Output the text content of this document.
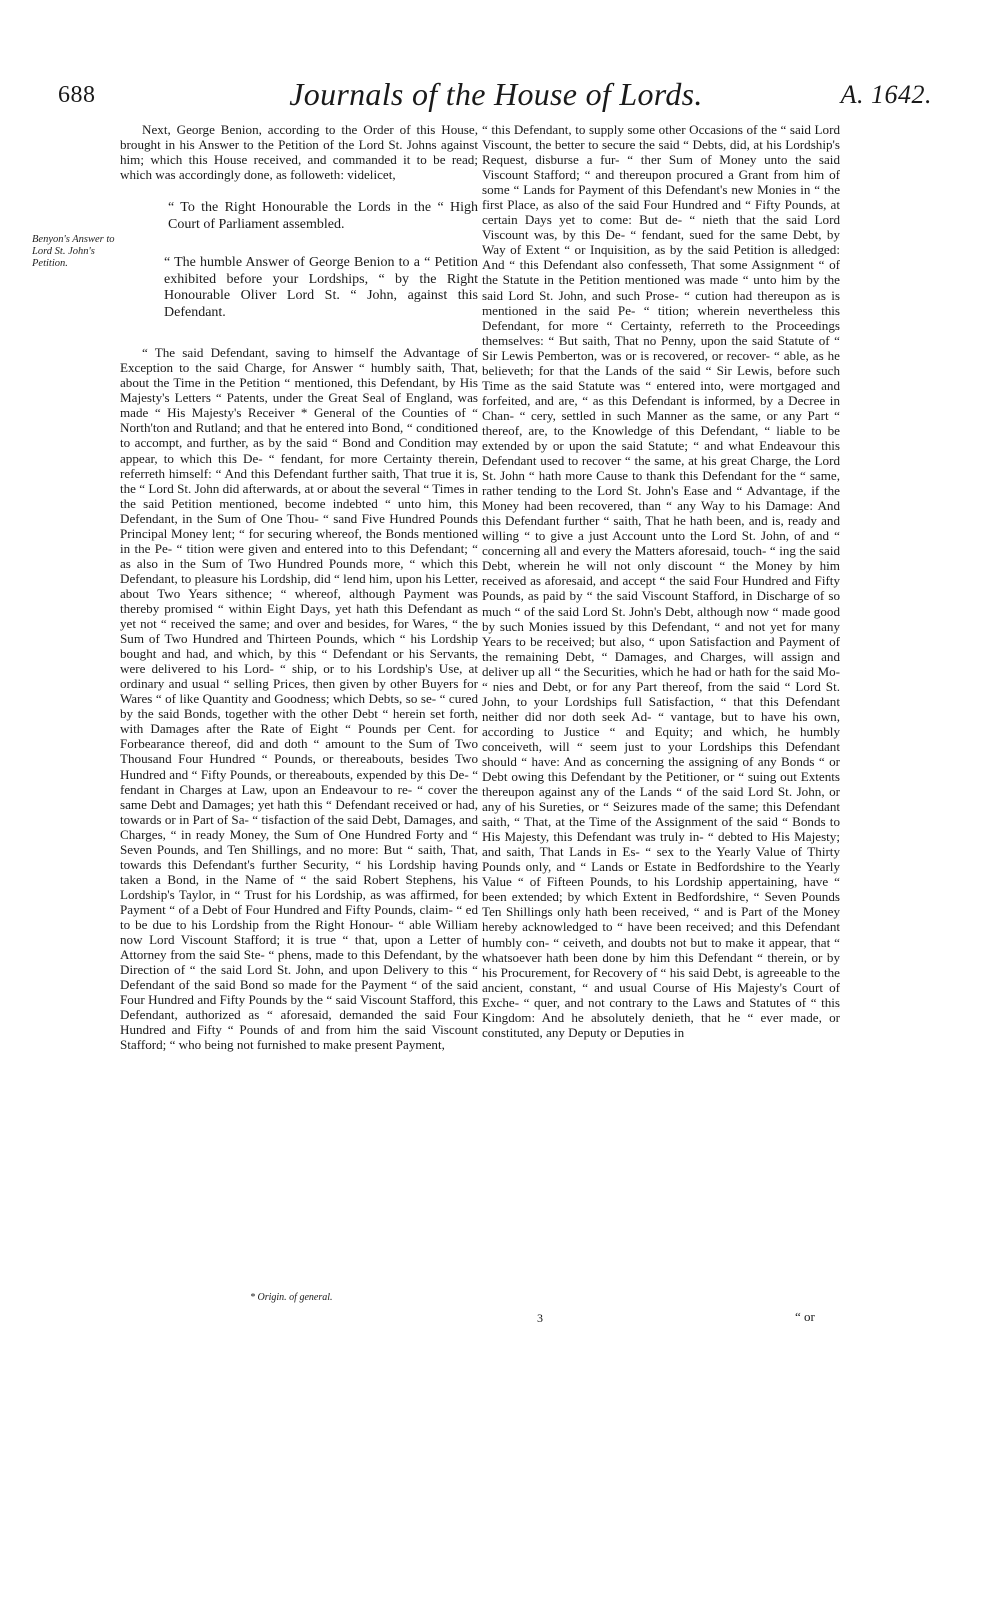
688	Journals of the House of Lords.	A. 1642.
Benyon's Answer to Lord St. John's Petition.

Next, George Benion, according to the Order of this House, brought in his Answer to the Petition of the Lord St. Johns against him; which this House received, and commanded it to be read; which was accordingly done, as followeth: videlicet,

“ To the Right Honourable the Lords in the “ High Court of Parliament assembled.

“ The humble Answer of George Benion to a “ Petition exhibited before your Lordships, “ by the Right Honourable Oliver Lord St. “ John, against this Defendant.

“ The said Defendant, saving to himself the Advantage of Exception to the said Charge, for Answer “ humbly saith, That, about the Time in the Petition “ mentioned, this Defendant, by His Majesty's Letters “ Patents, under the Great Seal of England, was made “ His Majesty's Receiver * General of the Counties of “ North'ton and Rutland; and that he entered into Bond, “ conditioned to accompt, and further, as by the said “ Bond and Condition may appear, to which this De- “ fendant, for more Certainty therein, referreth himself: “ And this Defendant further saith, That true it is, the “ Lord St. John did afterwards, at or about the several “ Times in the said Petition mentioned, become indebted “ unto him, this Defendant, in the Sum of One Thou- “ sand Five Hundred Pounds Principal Money lent; “ for securing whereof, the Bonds mentioned in the Pe- “ tition were given and entered into to this Defendant; “ as also in the Sum of Two Hundred Pounds more, “ which this Defendant, to pleasure his Lordship, did “ lend him, upon his Letter, about Two Years sithence; “ whereof, although Payment was thereby promised “ within Eight Days, yet hath this Defendant as yet not “ received the same; and over and besides, for Wares, “ the Sum of Two Hundred and Thirteen Pounds, which “ his Lordship bought and had, and which, by this “ Defendant or his Servants, were delivered to his Lord- “ ship, or to his Lordship's Use, at ordinary and usual “ selling Prices, then given by other Buyers for Wares “ of like Quantity and Goodness; which Debts, so se- “ cured by the said Bonds, together with the other Debt “ herein set forth, with Damages after the Rate of Eight “ Pounds per Cent. for Forbearance thereof, did and doth “ amount to the Sum of Two Thousand Four Hundred “ Pounds, or thereabouts, besides Two Hundred and “ Fifty Pounds, or thereabouts, expended by this De- “ fendant in Charges at Law, upon an Endeavour to re- “ cover the same Debt and Damages; yet hath this “ Defendant received or had, towards or in Part of Sa- “ tisfaction of the said Debt, Damages, and Charges, “ in ready Money, the Sum of One Hundred Forty and “ Seven Pounds, and Ten Shillings, and no more: But “ saith, That, towards this Defendant's further Security, “ his Lordship having taken a Bond, in the Name of “ the said Robert Stephens, his Lordship's Taylor, in “ Trust for his Lordship, as was affirmed, for Payment “ of a Debt of Four Hundred and Fifty Pounds, claim- “ ed to be due to his Lordship from the Right Honour- “ able William now Lord Viscount Stafford; it is true “ that, upon a Letter of Attorney from the said Ste- “ phens, made to this Defendant, by the Direction of “ the said Lord St. John, and upon Delivery to this “ Defendant of the said Bond so made for the Payment “ of the said Four Hundred and Fifty Pounds by the “ said Viscount Stafford, this Defendant, authorized as “ aforesaid, demanded the said Four Hundred and Fifty “ Pounds of and from him the said Viscount Stafford; “ who being not furnished to make present Payment,

“ this Defendant, to supply some other Occasions of the “ said Lord Viscount, the better to secure the said “ Debts, did, at his Lordship's Request, disburse a fur- “ ther Sum of Money unto the said Viscount Stafford; “ and thereupon procured a Grant from him of some “ Lands for Payment of this Defendant's new Monies in “ the first Place, as also of the said Four Hundred and “ Fifty Pounds, at certain Days yet to come: But de- “ nieth that the said Lord Viscount was, by this De- “ fendant, sued for the same Debt, by Way of Extent “ or Inquisition, as by the said Petition is alledged: And “ this Defendant also confesseth, That some Assignment “ of the Statute in the Petition mentioned was made “ unto him by the said Lord St. John, and such Prose- “ cution had thereupon as is mentioned in the said Pe- “ tition; wherein nevertheless this Defendant, for more “ Certainty, referreth to the Proceedings themselves: “ But saith, That no Penny, upon the said Statute of “ Sir Lewis Pemberton, was or is recovered, or recover- “ able, as he believeth; for that the Lands of the said “ Sir Lewis, before such Time as the said Statute was “ entered into, were mortgaged and forfeited, and are, “ as this Defendant is informed, by a Decree in Chan- “ cery, settled in such Manner as the same, or any Part “ thereof, are, to the Knowledge of this Defendant, “ liable to be extended by or upon the said Statute; “ and what Endeavour this Defendant used to recover “ the same, at his great Charge, the Lord St. John “ hath more Cause to thank this Defendant for the “ same, rather tending to the Lord St. John's Ease and “ Advantage, if the Money had been recovered, than “ any Way to his Damage: And this Defendant further “ saith, That he hath been, and is, ready and willing “ to give a just Account unto the Lord St. John, of and “ concerning all and every the Matters aforesaid, touch- “ ing the said Debt, wherein he will not only discount “ the Money by him received as aforesaid, and accept “ the said Four Hundred and Fifty Pounds, as paid by “ the said Viscount Stafford, in Discharge of so much “ of the said Lord St. John's Debt, although now “ made good by such Monies issued by this Defendant, “ and not yet for many Years to be received; but also, “ upon Satisfaction and Payment of the remaining Debt, “ Damages, and Charges, will assign and deliver up all “ the Securities, which he had or hath for the said Mo- “ nies and Debt, or for any Part thereof, from the said “ Lord St. John, to your Lordships full Satisfaction, “ that this Defendant neither did nor doth seek Ad- “ vantage, but to have his own, according to Justice “ and Equity; and which, he humbly conceiveth, will “ seem just to your Lordships this Defendant should “ have: And as concerning the assigning of any Bonds “ or Debt owing this Defendant by the Petitioner, or “ suing out Extents thereupon against any of the Lands “ of the said Lord St. John, or any of his Sureties, or “ Seizures made of the same; this Defendant saith, “ That, at the Time of the Assignment of the said “ Bonds to His Majesty, this Defendant was truly in- “ debted to His Majesty; and saith, That Lands in Es- “ sex to the Yearly Value of Thirty Pounds only, and “ Lands or Estate in Bedfordshire to the Yearly Value “ of Fifteen Pounds, to his Lordship appertaining, have “ been extended; by which Extent in Bedfordshire, “ Seven Pounds Ten Shillings only hath been received, “ and is Part of the Money hereby acknowledged to “ have been received; and this Defendant humbly con- “ ceiveth, and doubts not but to make it appear, that “ whatsoever hath been done by him this Defendant “ therein, or by his Procurement, for Recovery of “ his said Debt, is agreeable to the ancient, constant, “ and usual Course of His Majesty's Court of Exche- “ quer, and not contrary to the Laws and Statutes of “ this Kingdom: And he absolutely denieth, that he “ ever made, or constituted, any Deputy or Deputies in

* Origin. of general.
3	“ or
